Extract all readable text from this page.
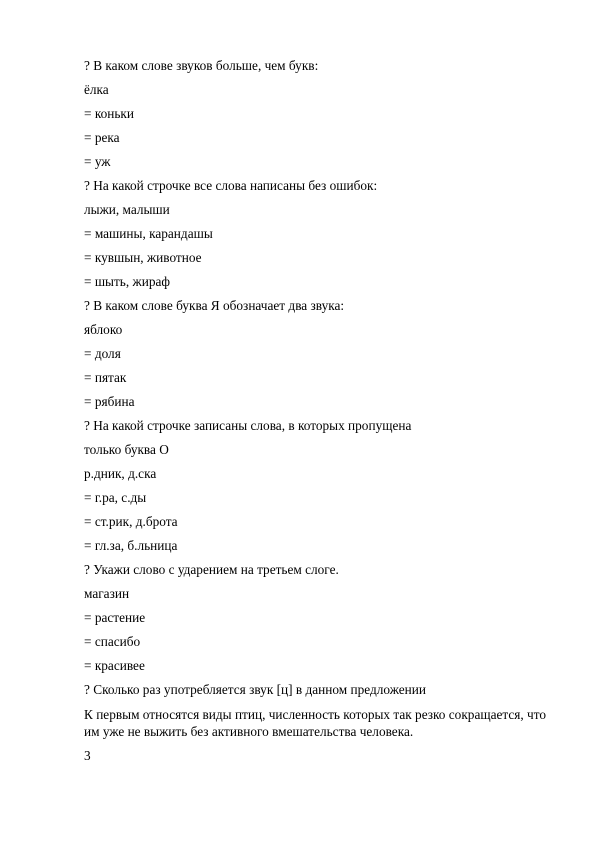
? В каком слове звуков больше, чем букв:
ёлка
= коньки
= река
= уж
? На какой строчке все слова написаны без ошибок:
лыжи, малыши
= машины, карандашы
= кувшын, животное
= шыть, жираф
? В каком слове буква Я обозначает два звука:
яблоко
= доля
= пятак
= рябина
? На какой строчке записаны слова, в которых пропущена
только буква О
р.дник, д.ска
= г.ра, с.ды
= ст.рик, д.брота
= гл.за, б.льница
? Укажи слово с ударением на третьем слоге.
магазин
= растение
= спасибо
= красивее
? Сколько раз употребляется звук [ц] в данном предложении
К первым относятся виды птиц, численность которых так резко сокращается, что им уже не выжить без активного вмешательства человека.
3
